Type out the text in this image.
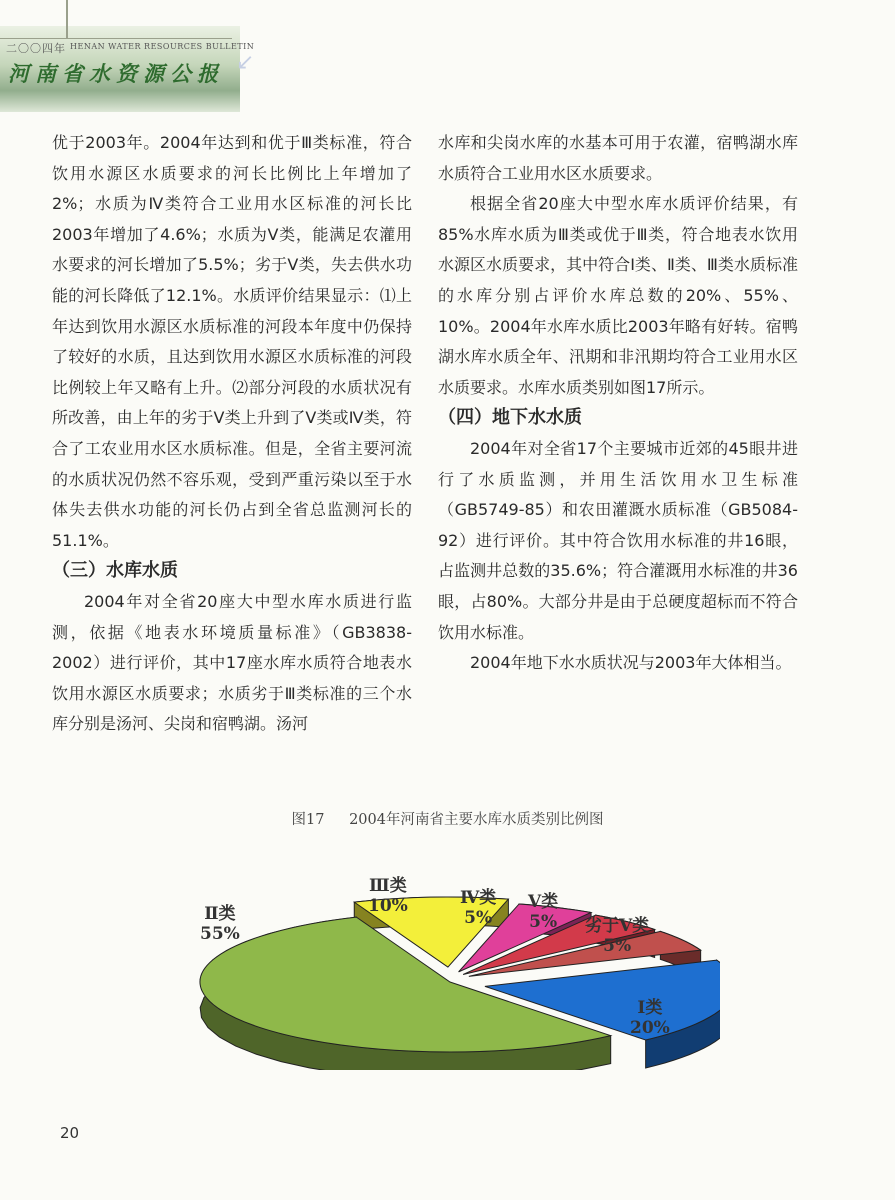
二〇〇四年 HENAN WATER RESOURCES BULLETIN
河南省水资源公报 ↙

优于2003年。2004年达到和优于Ⅲ类标准，符合饮用水源区水质要求的河长比例比上年增加了2%；水质为Ⅳ类符合工业用水区标准的河长比2003年增加了4.6%；水质为Ⅴ类，能满足农灌用水要求的河长增加了5.5%；劣于Ⅴ类，失去供水功能的河长降低了12.1%。水质评价结果显示：⑴上年达到饮用水源区水质标准的河段本年度中仍保持了较好的水质，且达到饮用水源区水质标准的河段比例较上年又略有上升。⑵部分河段的水质状况有所改善，由上年的劣于Ⅴ类上升到了Ⅴ类或Ⅳ类，符合了工农业用水区水质标准。但是，全省主要河流的水质状况仍然不容乐观，受到严重污染以至于水体失去供水功能的河长仍占到全省总监测河长的51.1%。

（三）水库水质

2004年对全省20座大中型水库水质进行监测，依据《地表水环境质量标准》（GB3838-2002）进行评价，其中17座水库水质符合地表水饮用水源区水质要求；水质劣于Ⅲ类标准的三个水库分别是汤河、尖岗和宿鸭湖。汤河

水库和尖岗水库的水基本可用于农灌，宿鸭湖水库水质符合工业用水区水质要求。

根据全省20座大中型水库水质评价结果，有85%水库水质为Ⅲ类或优于Ⅲ类，符合地表水饮用水源区水质要求，其中符合Ⅰ类、Ⅱ类、Ⅲ类水质标准的水库分别占评价水库总数的20%、55%、10%。2004年水库水质比2003年略有好转。宿鸭湖水库水质全年、汛期和非汛期均符合工业用水区水质要求。水库水质类别如图17所示。

（四）地下水水质

2004年对全省17个主要城市近郊的45眼井进行了水质监测，并用生活饮用水卫生标准（GB5749-85）和农田灌溉水质标准（GB5084-92）进行评价。其中符合饮用水标准的井16眼，占监测井总数的35.6%；符合灌溉用水标准的井36眼，占80%。大部分井是由于总硬度超标而不符合饮用水标准。

2004年地下水水质状况与2003年大体相当。

图17 2004年河南省主要水库水质类别比例图
Ⅰ类
20%
Ⅱ类
55%
Ⅲ类
10%	Ⅳ类
5%
Ⅴ类
5% 劣于Ⅴ类
5%
20
